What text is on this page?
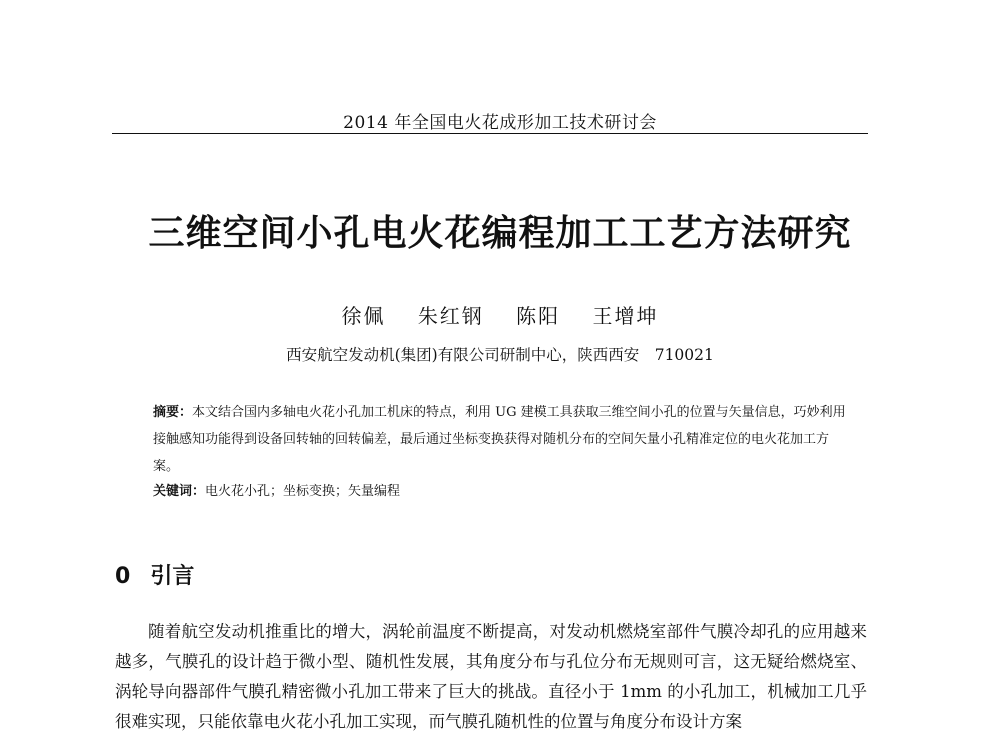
2014 年全国电火花成形加工技术研讨会
三维空间小孔电火花编程加工工艺方法研究
徐佩 朱红钢 陈阳 王增坤
西安航空发动机(集团)有限公司研制中心，陕西西安　710021
摘要：本文结合国内多轴电火花小孔加工机床的特点，利用 UG 建模工具获取三维空间小孔的位置与矢量信息，巧妙利用接触感知功能得到设备回转轴的回转偏差，最后通过坐标变换获得对随机分布的空间矢量小孔精准定位的电火花加工方案。
关键词：电火花小孔；坐标变换；矢量编程
0 引言
随着航空发动机推重比的增大，涡轮前温度不断提高，对发动机燃烧室部件气膜冷却孔的应用越来越多，气膜孔的设计趋于微小型、随机性发展，其角度分布与孔位分布无规则可言，这无疑给燃烧室、涡轮导向器部件气膜孔精密微小孔加工带来了巨大的挑战。直径小于 1mm 的小孔加工，机械加工几乎很难实现，只能依靠电火花小孔加工实现，而气膜孔随机性的位置与角度分布设计方案
